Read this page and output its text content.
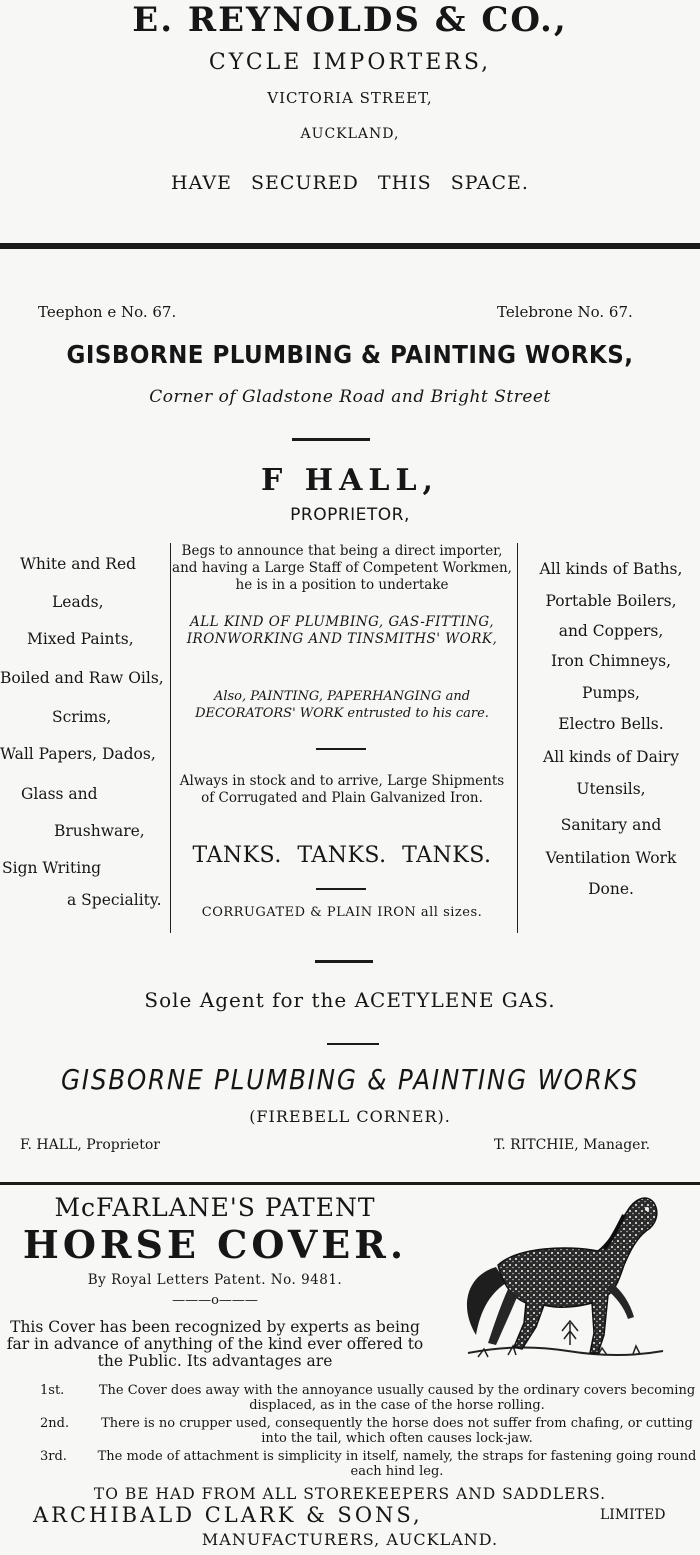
E. REYNOLDS & CO.,
CYCLE IMPORTERS,
VICTORIA STREET,
AUCKLAND,
HAVE SECURED THIS SPACE.
Teephon e No. 67.	Telebrone No. 67.
GISBORNE PLUMBING & PAINTING WORKS,
Corner of Gladstone Road and Bright Street
F HALL,
PROPRIETOR,
White and Red
Leads,
Mixed Paints,
Boiled and Raw Oils,
Scrims,
Wall Papers, Dados,
Glass and
Brushware,
Sign Writing
a Speciality.
Begs to announce that being a direct importer, and having a Large Staff of Competent Workmen, he is in a position to undertake
ALL KIND OF PLUMBING, GAS-FITTING, IRONWORKING AND TINSMITHS' WORK,
Also, PAINTING, PAPERHANGING and DECORATORS' WORK entrusted to his care.
Always in stock and to arrive, Large Shipments of Corrugated and Plain Galvanized Iron.
TANKS. TANKS. TANKS.
CORRUGATED & PLAIN IRON all sizes.
All kinds of Baths,
Portable Boilers,
and Coppers,
Iron Chimneys,
Pumps,
Electro Bells.
All kinds of Dairy
Utensils,
Sanitary and
Ventilation Work
Done.
Sole Agent for the ACETYLENE GAS.
GISBORNE PLUMBING & PAINTING WORKS
(FIREBELL CORNER).
F. HALL, Proprietor	T. RITCHIE, Manager.
McFARLANE'S PATENT
HORSE COVER.
By Royal Letters Patent. No. 9481.
———o———
This Cover has been recognized by experts as being far in advance of anything of the kind ever offered to the Public. Its advantages are
1st.	The Cover does away with the annoyance usually caused by the ordinary covers becoming displaced, as in the case of the horse rolling.
2nd.	There is no crupper used, consequently the horse does not suffer from chafing, or cutting into the tail, which often causes lock-jaw.
3rd.	The mode of attachment is simplicity in itself, namely, the straps for fastening going round each hind leg.
TO BE HAD FROM ALL STOREKEEPERS AND SADDLERS.
ARCHIBALD CLARK & SONS,	LIMITED
MANUFACTURERS, AUCKLAND.
